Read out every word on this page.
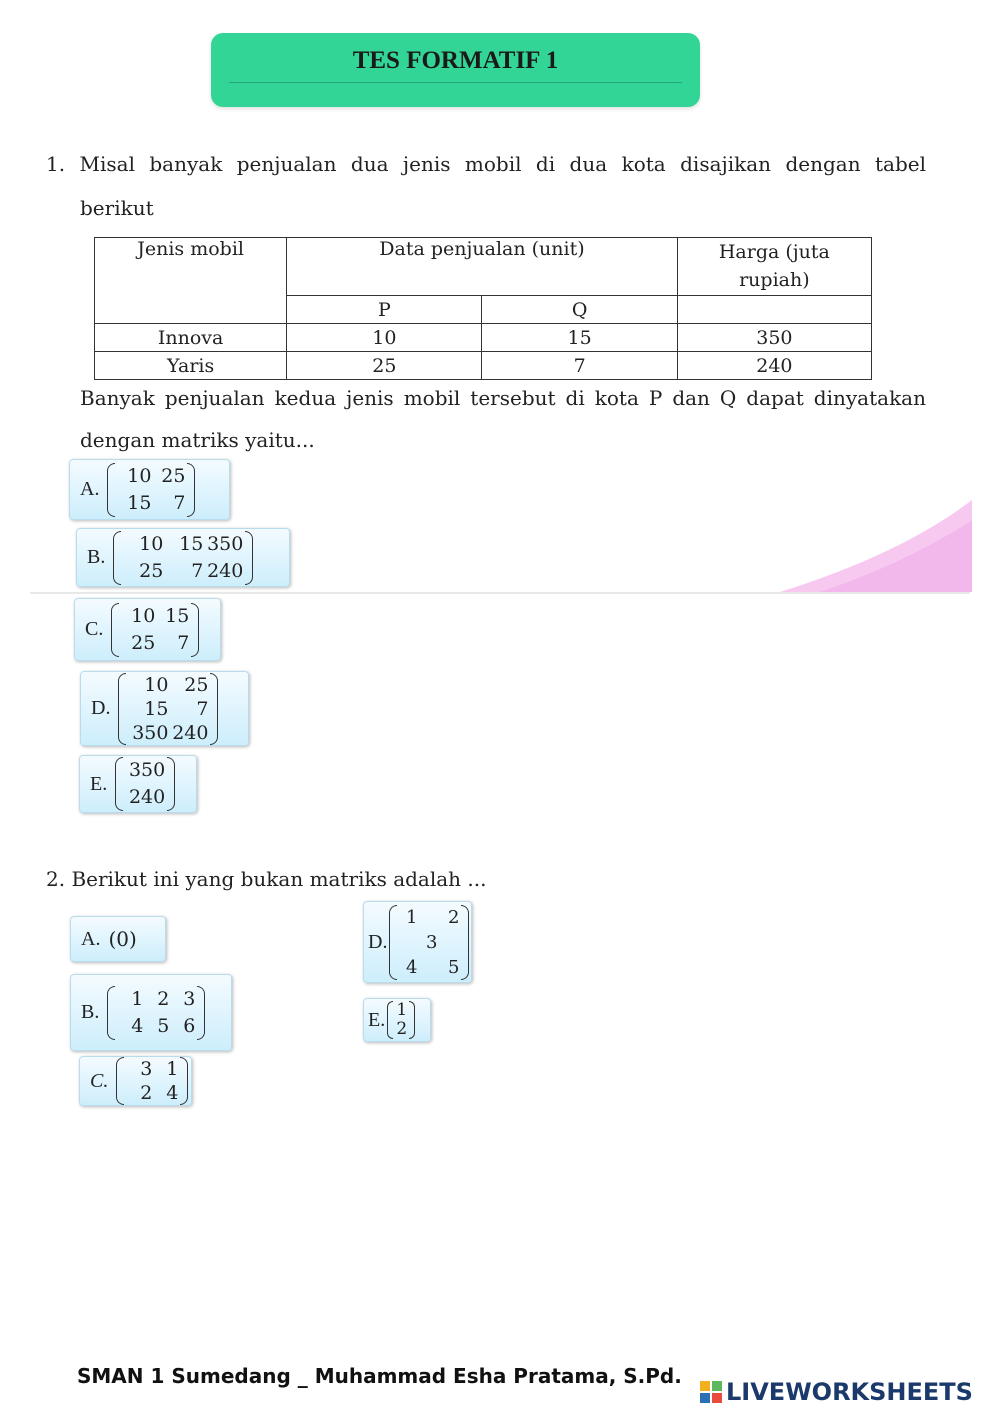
TES FORMATIF 1
1. Misal banyak penjualan dua jenis mobil di dua kota disajikan dengan tabel
berikut
Jenis mobil	Data penjualan (unit)		Harga (juta rupiah)
	P	Q	
Innova	10	15	350
Yaris	25	7	240
Banyak penjualan kedua jenis mobil tersebut di kota P dan Q dapat dinyatakan
dengan matriks yaitu...
A.
10 25
15	7
B.
10 15 350
25	7 240
C.
10 15
25	7
D.
10 25
15	7
350 240
E.
350
240
2. Berikut ini yang bukan matriks adalah ...
A. (0)
B.
1 2 3
4 5 6
C.
3 1
2 4
D.
1	2
3
4	5
E. 1
2
SMAN 1 Sumedang _ Muhammad Esha Pratama, S.Pd.
LIVEWORKSHEETS
